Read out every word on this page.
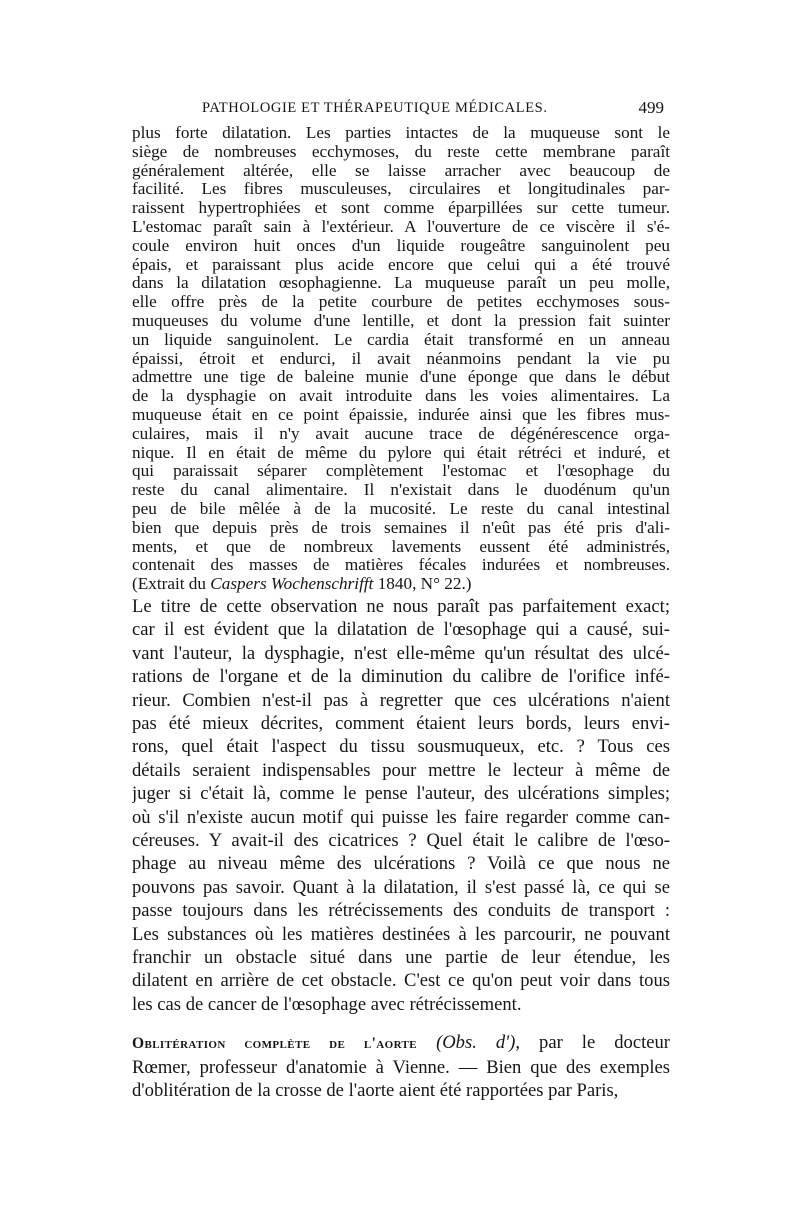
PATHOLOGIE ET THÉRAPEUTIQUE MÉDICALES.	499
plus forte dilatation. Les parties intactes de la muqueuse sont le
siège de nombreuses ecchymoses, du reste cette membrane paraît
généralement altérée, elle se laisse arracher avec beaucoup de
facilité. Les fibres musculeuses, circulaires et longitudinales par-
raissent hypertrophiées et sont comme éparpillées sur cette tumeur.
L'estomac paraît sain à l'extérieur. A l'ouverture de ce viscère il s'é-
coule environ huit onces d'un liquide rougeâtre sanguinolent peu
épais, et paraissant plus acide encore que celui qui a été trouvé
dans la dilatation œsophagienne. La muqueuse paraît un peu molle,
elle offre près de la petite courbure de petites ecchymoses sous-
muqueuses du volume d'une lentille, et dont la pression fait suinter
un liquide sanguinolent. Le cardia était transformé en un anneau
épaissi, étroit et endurci, il avait néanmoins pendant la vie pu
admettre une tige de baleine munie d'une éponge que dans le début
de la dysphagie on avait introduite dans les voies alimentaires. La
muqueuse était en ce point épaissie, indurée ainsi que les fibres mus-
culaires, mais il n'y avait aucune trace de dégénérescence orga-
nique. Il en était de même du pylore qui était rétréci et induré, et
qui paraissait séparer complètement l'estomac et l'œsophage du
reste du canal alimentaire. Il n'existait dans le duodénum qu'un
peu de bile mêlée à de la mucosité. Le reste du canal intestinal
bien que depuis près de trois semaines il n'eût pas été pris d'ali-
ments, et que de nombreux lavements eussent été administrés,
contenait des masses de matières fécales indurées et nombreuses.
(Extrait du Caspers Wochenschrifft 1840, N° 22.)
Le titre de cette observation ne nous paraît pas parfaitement exact;
car il est évident que la dilatation de l'œsophage qui a causé, sui-
vant l'auteur, la dysphagie, n'est elle-même qu'un résultat des ulcé-
rations de l'organe et de la diminution du calibre de l'orifice infé-
rieur. Combien n'est-il pas à regretter que ces ulcérations n'aient
pas été mieux décrites, comment étaient leurs bords, leurs envi-
rons, quel était l'aspect du tissu sousmuqueux, etc. ? Tous ces
détails seraient indispensables pour mettre le lecteur à même de
juger si c'était là, comme le pense l'auteur, des ulcérations simples;
où s'il n'existe aucun motif qui puisse les faire regarder comme can-
céreuses. Y avait-il des cicatrices ? Quel était le calibre de l'œso-
phage au niveau même des ulcérations ? Voilà ce que nous ne
pouvons pas savoir. Quant à la dilatation, il s'est passé là, ce qui se
passe toujours dans les rétrécissements des conduits de transport :
Les substances où les matières destinées à les parcourir, ne pouvant
franchir un obstacle situé dans une partie de leur étendue, les
dilatent en arrière de cet obstacle. C'est ce qu'on peut voir dans tous
les cas de cancer de l'œsophage avec rétrécissement.
Oblitération complète de l'aorte (Obs. d'), par le docteur
Rœmer, professeur d'anatomie à Vienne. — Bien que des exemples
d'oblitération de la crosse de l'aorte aient été rapportées par Paris,
